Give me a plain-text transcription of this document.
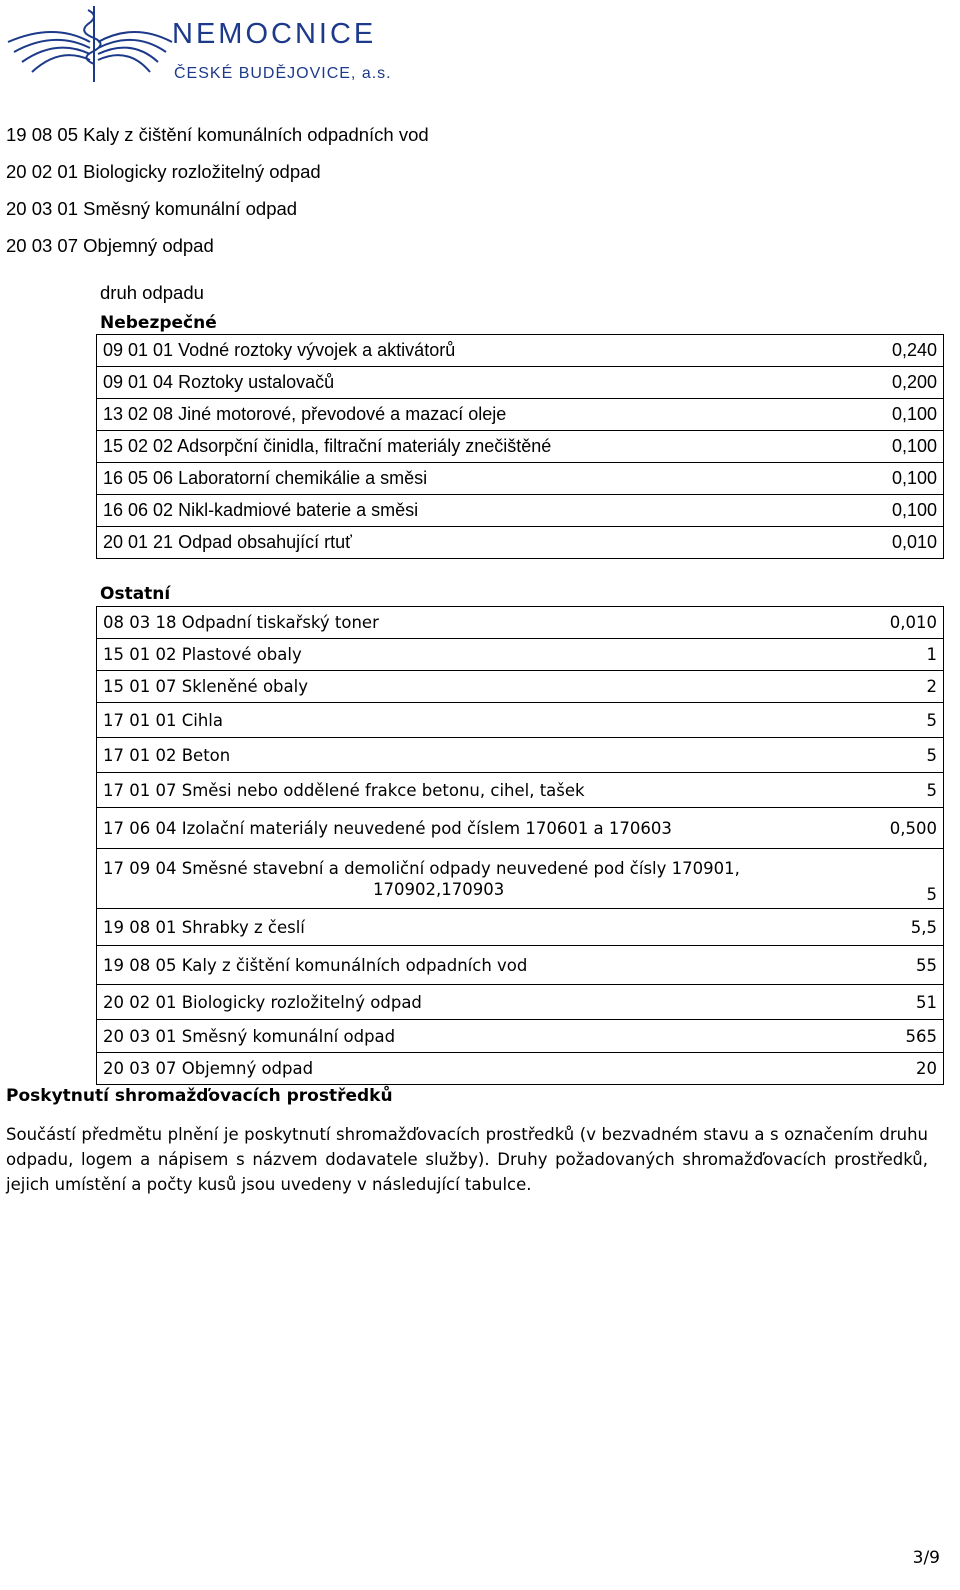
NEMOCNICE
ČESKÉ BUDĚJOVICE, a.s.
19 08 05 Kaly z čištění komunálních odpadních vod
20 02 01 Biologicky rozložitelný odpad
20 03 01 Směsný komunální odpad
20 03 07 Objemný odpad
druh odpadu
Nebezpečné
09 01 01 Vodné roztoky vývojek a aktivátorů	0,240
09 01 04 Roztoky ustalovačů	0,200
13 02 08 Jiné motorové, převodové a mazací oleje	0,100
15 02 02 Adsorpční činidla, filtrační materiály znečištěné	0,100
16 05 06 Laboratorní chemikálie a směsi	0,100
16 06 02 Nikl-kadmiové baterie a směsi	0,100
20 01 21 Odpad obsahující rtuť	0,010
Ostatní
08 03 18 Odpadní tiskařský toner	0,010
15 01 02 Plastové obaly	1
15 01 07 Skleněné obaly	2
17 01 01 Cihla	5
17 01 02 Beton	5
17 01 07 Směsi nebo oddělené frakce betonu, cihel, tašek	5
17 06 04 Izolační materiály neuvedené pod číslem 170601 a 170603	0,500

17 09 04 Směsné stavební a demoliční odpady neuvedené pod čísly 170901,
170902,170903	5
19 08 01 Shrabky z česlí	5,5
19 08 05 Kaly z čištění komunálních odpadních vod	55
20 02 01 Biologicky rozložitelný odpad	51
20 03 01 Směsný komunální odpad	565
20 03 07 Objemný odpad	20
Poskytnutí shromažďovacích prostředků
Součástí předmětu plnění je poskytnutí shromažďovacích prostředků (v bezvadném stavu a s označením druhu odpadu, logem a nápisem s názvem dodavatele služby). Druhy požadovaných shromažďovacích prostředků, jejich umístění a počty kusů jsou uvedeny v následující tabulce.
3/9
